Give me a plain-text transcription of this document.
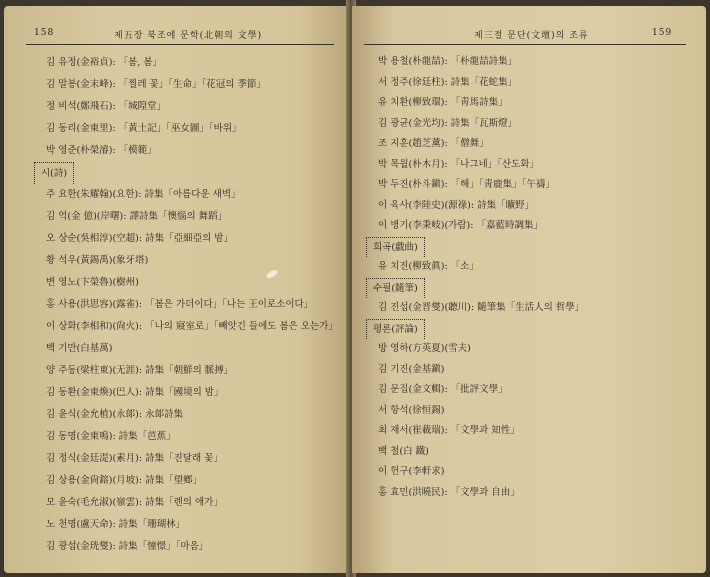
158	제五장 북조에 문학(北朝의 文學)
김 유정(金裕貞): 「봄, 봄」
김 말봉(金末峰): 「찔레 꽃」「生命」「花冠의 季節」
정 비석(鄭飛石): 「城隍堂」
김 동리(金東里): 「黃土記」「巫女圖」「바위」
박 영준(朴榮濬): 「模範」
시(詩)
주 요한(朱耀翰)(요한): 詩集「아름다운 새벽」
김 억(金 億)(岸曙): 譯詩集「懊惱의 舞蹈」
오 상순(吳相淳)(空超): 詩集「亞細亞의 밤」
황 석우(黃錫禹)(象牙塔)
변 영노(卞榮魯)(樹州)
홍 사용(洪思容)(露雀): 「봄은 가더이다」「나는 王이로소이다」
이 상화(李相和)(尙火): 「나의 寢室로」「빼앗긴 들에도 봄은 오는가」
백 기만(白基萬)
양 주동(梁柱東)(无涯): 詩集「朝鮮의 脈搏」
김 동환(金東煥)(巴人): 詩集「國境의 밤」
김 윤식(金允植)(永郞): 永郞詩集
김 동명(金東鳴): 詩集「芭蕉」
김 정식(金廷湜)(素月): 詩集「진달래 꽃」
김 상용(金尙鎔)(月坡): 詩集「望鄕」
모 윤숙(毛允淑)(嶺雲): 詩集「렌의 애가」
노 천명(盧天命): 詩集「珊瑚林」
김 광섭(金珖燮): 詩集「憧憬」「마음」
제三절 문단(文壇)의 조류	159
박 용철(朴龍喆): 「朴龍喆詩集」
서 정주(徐廷柱): 詩集「花蛇集」
유 치환(柳致環): 「靑馬詩集」
김 광균(金光均): 詩集「瓦斯燈」
조 지훈(趙芝薰): 「僧舞」
박 목월(朴木月): 「나그네」「산도화」
박 두진(朴斗鎭): 「해」「靑鹿集」「午禱」
이 육사(李陸史)(源祿): 詩集「曠野」
이 병기(李秉岐)(가람): 「嘉藍時調集」
희곡(戱曲)
유 치진(柳致眞): 「소」
수필(隨筆)
김 진섭(金晋燮)(聽川): 隨筆集「生活人의 哲學」
평론(評論)
방 영하(方英夏)(雪夫)
김 기진(金基鎭)
김 문집(金文輯): 「批評文學」
서 항석(徐恒錫)
최 재서(崔載瑞): 「文學과 知性」
백 철(白 鐵)
이 헌구(李軒求)
홍 효민(洪曉民): 「文學과 自由」
